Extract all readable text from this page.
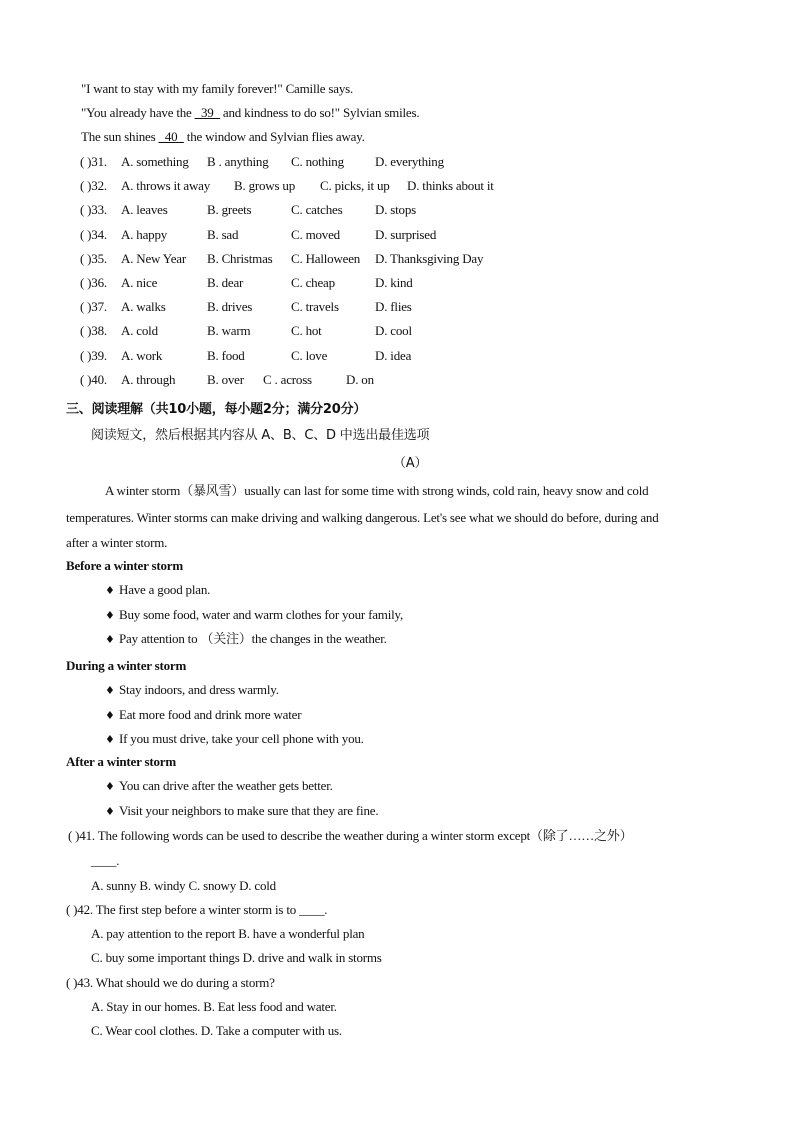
"I want to stay with my family forever!" Camille says.
"You already have the _39_ and kindness to do so!" Sylvian smiles.
The sun shines _40_ the window and Sylvian flies away.
( )31. A. something B . anything C. nothing D. everything
( )32. A. throws it away B. grows up C. picks, it up D. thinks about it
( )33. A. leaves	B. greets	C. catches	D. stops
( )34. A. happy	B. sad	C. moved	D. surprised
( )35. A. New Year B. Christmas C. Halloween D. Thanksgiving Day
( )36. A. nice	B. dear	C. cheap	D. kind
( )37. A. walks	B. drives	C. travels	D. flies
( )38. A. cold	B. warm	C. hot	D. cool
( )39. A. work	B. food	C. love	D. idea
( )40. A. through B. over C . across	D. on
三、阅读理解（共10小题，每小题2分；满分20分）
阅读短文，然后根据其内容从 A、B、C、D 中选出最佳选项
（A）
A winter storm（暴风雪）usually can last for some time with strong winds, cold rain, heavy snow and cold
temperatures. Winter storms can make driving and walking dangerous. Let's see what we should do before, during and
after a winter storm.
Before a winter storm
♦ Have a good plan.
♦ Buy some food, water and warm clothes for your family,
♦ Pay attention to （关注）the changes in the weather.
During a winter storm
♦ Stay indoors, and dress warmly.
♦ Eat more food and drink more water
♦ If you must drive, take your cell phone with you.
After a winter storm
♦ You can drive after the weather gets better.
♦ Visit your neighbors to make sure that they are fine.
( )41. The following words can be used to describe the weather during a winter storm except（除了……之外）
____.
A. sunny B. windy C. snowy D. cold
( )42. The first step before a winter storm is to ____.
A. pay attention to the report B. have a wonderful plan
C. buy some important things D. drive and walk in storms
( )43. What should we do during a storm?
A. Stay in our homes. B. Eat less food and water.
C. Wear cool clothes. D. Take a computer with us.
